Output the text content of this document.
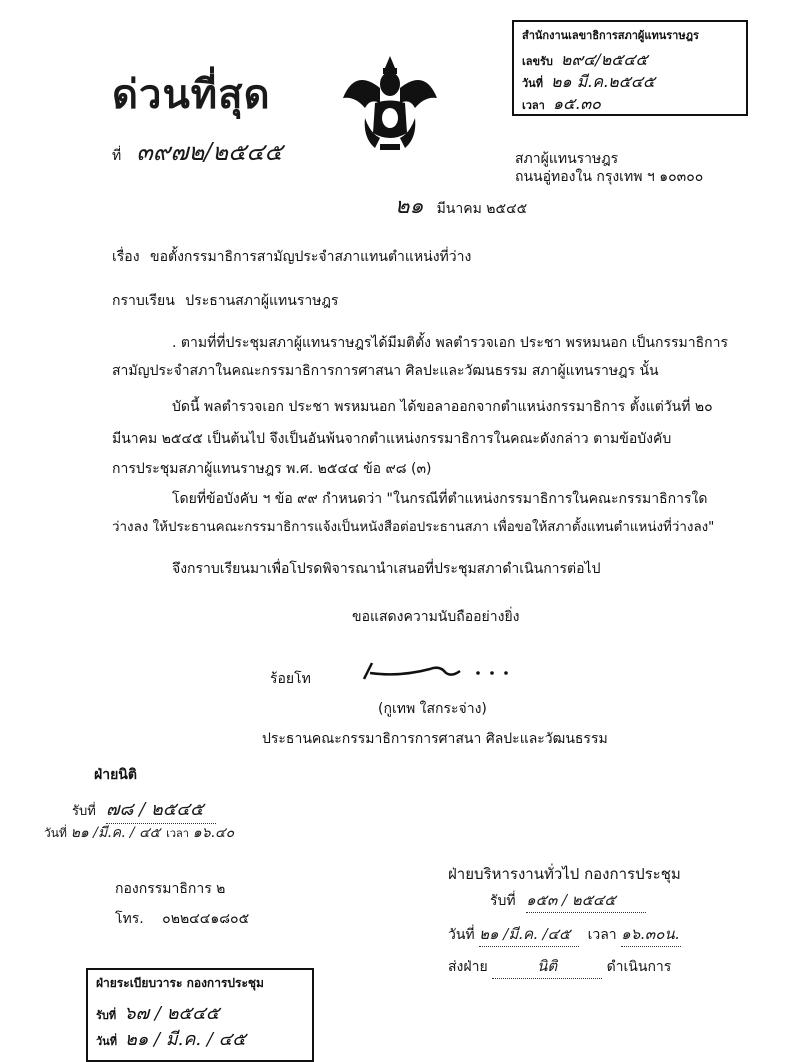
ด่วนที่สุด
ที่ ๓๙๗๒/๒๕๔๕
สำนักงานเลขาธิการสภาผู้แทนราษฎร
เลขรับ ๒๙๔/๒๕๔๕
วันที่ ๒๑ มี.ค.๒๕๔๕
เวลา ๑๕.๓๐
สภาผู้แทนราษฎร
ถนนอู่ทองใน กรุงเทพ ฯ ๑๐๓๐๐
๒๑ มีนาคม ๒๕๔๕
เรื่อง ขอตั้งกรรมาธิการสามัญประจำสภาแทนตำแหน่งที่ว่าง
กราบเรียน ประธานสภาผู้แทนราษฎร
. ตามที่ที่ประชุมสภาผู้แทนราษฎรได้มีมติตั้ง พลตำรวจเอก ประชา พรหมนอก เป็นกรรมาธิการ
สามัญประจำสภาในคณะกรรมาธิการการศาสนา ศิลปะและวัฒนธรรม สภาผู้แทนราษฎร นั้น
บัดนี้ พลตำรวจเอก ประชา พรหมนอก ได้ขอลาออกจากตำแหน่งกรรมาธิการ ตั้งแต่วันที่ ๒๐
มีนาคม ๒๕๔๕ เป็นต้นไป จึงเป็นอันพ้นจากตำแหน่งกรรมาธิการในคณะดังกล่าว ตามข้อบังคับ
การประชุมสภาผู้แทนราษฎร พ.ศ. ๒๕๔๔ ข้อ ๙๘ (๓)
โดยที่ข้อบังคับ ฯ ข้อ ๙๙ กำหนดว่า "ในกรณีที่ตำแหน่งกรรมาธิการในคณะกรรมาธิการใด
ว่างลง ให้ประธานคณะกรรมาธิการแจ้งเป็นหนังสือต่อประธานสภา เพื่อขอให้สภาตั้งแทนตำแหน่งที่ว่างลง"
จึงกราบเรียนมาเพื่อโปรดพิจารณานำเสนอที่ประชุมสภาดำเนินการต่อไป
ขอแสดงความนับถืออย่างยิ่ง
ร้อยโท
(กูเทพ ใสกระจ่าง)
ประธานคณะกรรมาธิการการศาสนา ศิลปะและวัฒนธรรม
ฝ่ายนิติ
รับที่ ๗๘ / ๒๕๔๕
วันที่ ๒๑ /มี.ค. / ๔๕ เวลา ๑๖.๔๐
กองกรรมาธิการ ๒
โทร. ๐๒๒๔๔๑๘๐๕
ฝ่ายบริหารงานทั่วไป กองการประชุม
รับที่ ๑๕๓ / ๒๕๔๕
วันที่ ๒๑ /มี.ค. /๔๕ เวลา ๑๖.๓๐น.
ส่งฝ่าย	นิติ	ดำเนินการ
ฝ่ายระเบียบวาระ กองการประชุม
รับที่ ๖๗ / ๒๕๔๕
วันที่ ๒๑ / มี.ค. / ๔๕
